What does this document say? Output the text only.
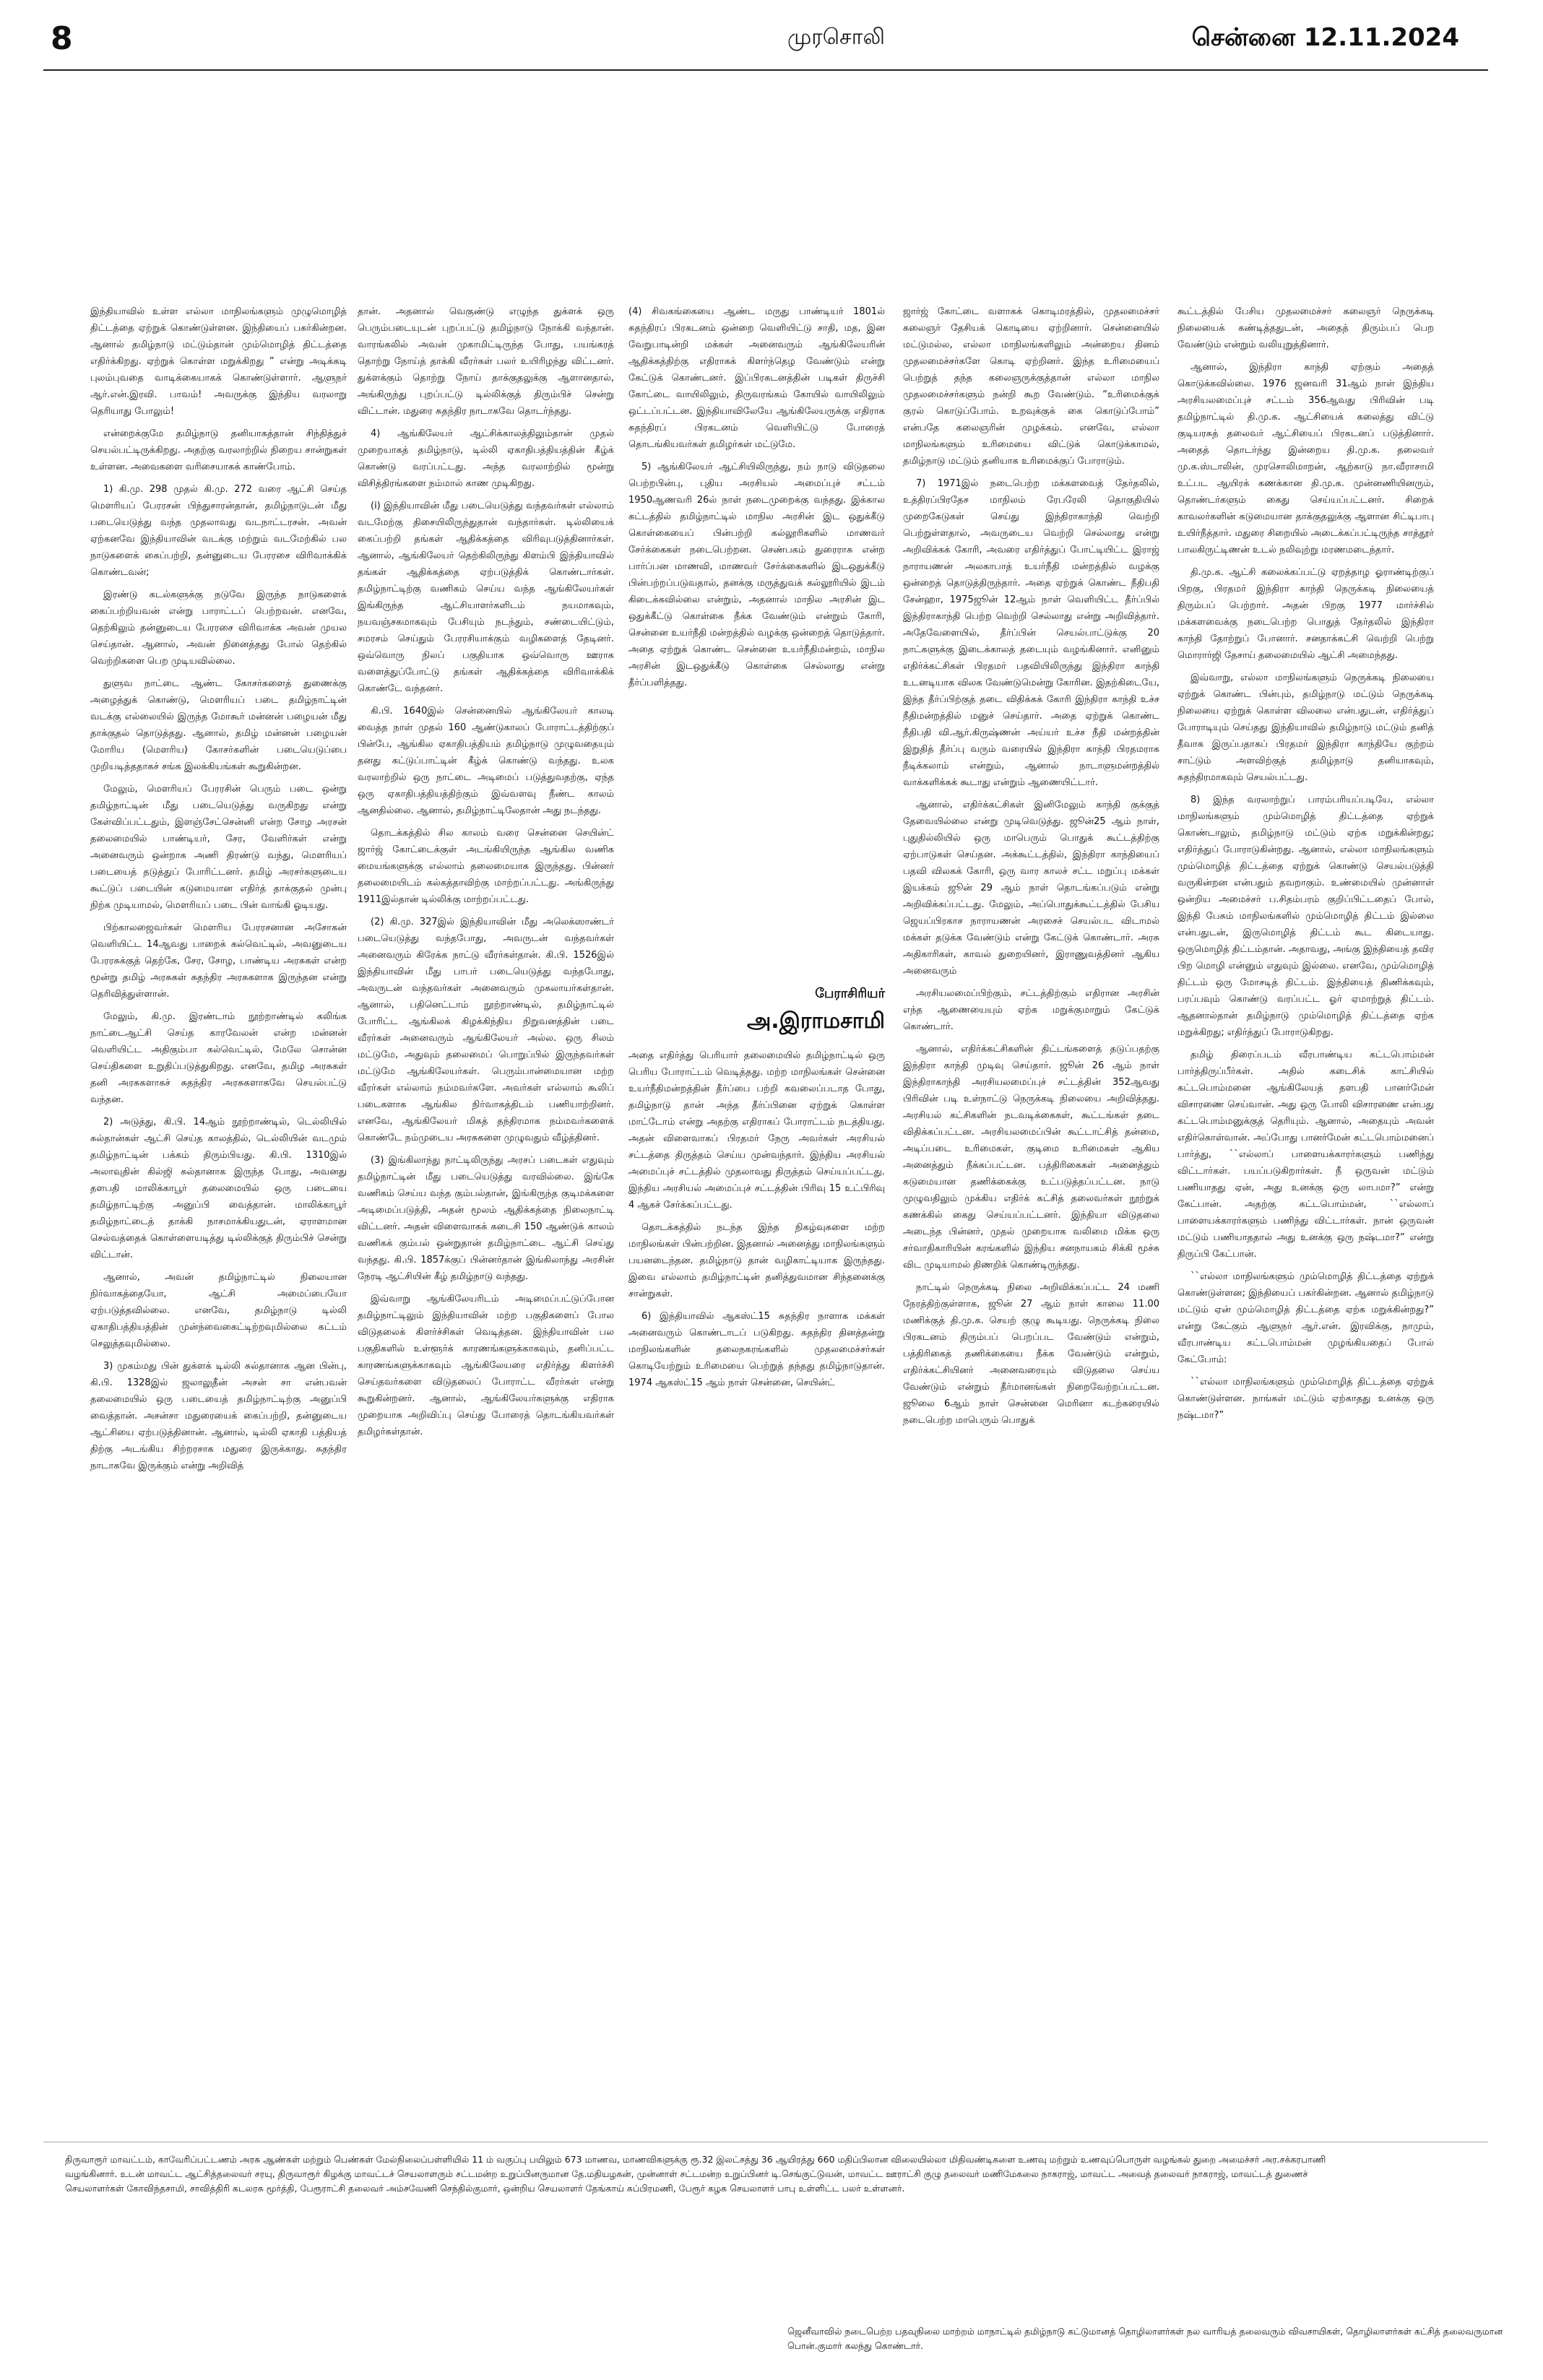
8	முரசொலி	சென்னை 12.11.2024

இந்தியாவில் உள்ள எல்லா மாநிலங்களும் முழுமொழித் திட்டத்தை ஏற்றுக் கொண்டுள்ளன. இந்தியைப் பகர்கின்றன. ஆனால் தமிழ்நாடு மட்டும்தான் மும்மொழித் திட்டத்தை எதிர்க்கிறது. ஏற்றுக் கொள்ள மறுக்கிறது ” என்று அடிக்கடி புலம்புவதை வாடிக்கையாகக் கொண்டுள்ளார். ஆளுநர் ஆர்.என்.இரவி. பாவம்! அவருக்கு இந்திய வரலாறு தெரியாது போலும்!

என்றைக்குமே தமிழ்நாடு தனியாகத்தான் சிந்தித்துச் செயல்பட்டிருக்கிறது. அதற்கு வரலாற்றில் நிறைய சான்றுகள் உள்ளன. அவைகளை வரிசையாகக் காண்போம்.

1) கி.மு. 298 முதல் கி.மு. 272 வரை ஆட்சி செய்த மௌரியப் பேரரசன் பிந்துசாரன்தான், தமிழ்நாடுடன் மீது படையெடுத்து வந்த முதலாவது வடநாட்டரசன். அவன் ஏற்கனவே இந்தியாவின் வடக்கு மற்றும் வடமேற்கில் பல நாடுகளைக் கைப்பற்றி, தன்னுடைய பேரரசை விரிவாக்கிக் கொண்டவன்;

இரண்டு கடல்களுக்கு நடுவே இருந்த நாடுகளைக் கைப்பற்றியவன் என்று பாராட்டப் பெற்றவன். எனவே, தெற்கிலும் தன்னுடைய பேரரசை விரிவாக்க அவன் முயல செய்தான். ஆனால், அவன் நினைத்தது போல் தெற்கில் வெற்றிகளை பெற முடியவில்லை.

துளுவ நாட்டை ஆண்ட கோசர்களைத் துணைக்கு அழைத்துக் கொண்டு, மௌரியப் படை தமிழ்நாட்டின் வடக்கு எல்லையில் இருந்த மோகூர் மன்னன் பழையன் மீது தாக்குதல் தொடுத்தது. ஆனால், தமிழ் மன்னன் பழையன் மோரிய (மௌரிய) கோசர்களின் படையெடுப்பை முறியடித்ததாகச் சங்க இலக்கியங்கள் கூறுகின்றன.

மேலும், மௌரியப் பேரரசின் பெரும் படை ஒன்று தமிழ்நாட்டின் மீது படையெடுத்து வருகிறது என்று கேள்விப்பட்டதும், இளஞ்சேட்சென்னி என்ற சோழ அரசன் தலைமையில் பாண்டியர், சேர, வேளிர்கள் என்று அனைவரும் ஒன்றாக அணி திரண்டு வந்து, மௌரியப் படையைத் தடுத்துப் போரிட்டனர். தமிழ் அரசர்களுடைய கூட்டுப் படையின் கடுமையான எதிர்த் தாக்குதல் முன்பு நிற்க முடியாமல், மௌரியப் படை பின் வாங்கி ஓடியது.

பிற்காலஜைவர்கள் மௌரிய பேரரசனான அசோகன் வெளியிட்ட 14ஆவது பாறைக் கல்வெட்டில், அவனுடைய பேரரசுக்குத் தெற்கே, சேர, சோழ, பாண்டிய அரசுகள் என்ற மூன்று தமிழ் அரசுகள் சுதந்திர அரசுகளாக இருந்தன என்று தெரிவித்துள்ளான்.

மேலும், கி.மு. இரண்டாம் நூற்றாண்டில் கலிங்க நாட்டைஆட்சி செய்த காரவேலன் என்ற மன்னன் வெளியிட்ட அதிகும்பா கல்வெட்டில், மேலே சொன்ன செய்திகளை உறுதிப்படுத்துகிறது. எனவே, தமிழ அரசுகள் தனி அரசுகளாகச் சுதந்திர அரசுகளாகவே செயல்பட்டு வந்தன.

2) அடுத்து, கி.பி. 14ஆம் நூற்றாண்டில், டெல்லியில் சுல்தான்கள் ஆட்சி செய்த காலத்தில், டெல்லியின் வடமும் தமிழ்நாட்டின் பக்கம் திரும்பியது. கி.பி. 1310இல் அலாவுதின் கில்ஜி சுல்தானாக இருந்த போது, அவனது தளபதி மாலிக்காபூர் தலைமையில் ஒரு படையை தமிழ்நாட்டிற்கு அனுப்பி வைத்தான். மாலிக்காபூர் தமிழ்நாட்டைத் தாக்கி நாசமாக்கியதுடன், ஏராளமான செல்வத்தைக் கொள்ளையடித்து டில்லிக்குத் திரும்பிச் சென்று விட்டான்.

ஆனால், அவன் தமிழ்நாட்டில் நிலையான நிர்வாகத்தையோ, ஆட்சி அமைப்பையோ ஏற்படுத்தவில்லை. எனவே, தமிழ்நாடு டில்லி ஏகாதிபத்தியத்தின் முன்ந்வைகைட்டிற்றவுமில்லை கட்டம் செலுத்தவுமில்லை.

3) முகம்மது பின் துக்ளக் டில்லி சுல்தானாக ஆன பின்பு, கி.பி. 1328இல் ஜலாலுதீன் அசன் சா என்பவன் தலைமையில் ஒரு படையைத் தமிழ்நாட்டிற்கு அனுப்பி வைத்தான். அசன்சா மதுரையைக் கைப்பற்றி, தன்னுடைய ஆட்சியை ஏற்படுத்தினான். ஆனால், டில்லி ஏகாதி பத்தியத் திற்கு அடங்கிய சிற்றரசாக மதுரை இருக்காது. சுதந்திர நாடாகவே இருக்கும் என்று அறிவித்

தான். அதனால் வெகுண்டு எழுந்த துக்ளக் ஒரு பெரும்படையுடன் புறப்பட்டு தமிழ்நாடு நோக்கி வந்தான். வாரங்கலில் அவன் முகாமிட்டிருந்த போது, பயங்கரத் தொற்று நோய்த் தாக்கி வீரர்கள் பலர் உயிரிழந்து விட்டனர். துக்ளக்கும் தொற்று நோய் தாக்குதலுக்கு ஆளானதால், அங்கிருந்து புறப்பட்டு டில்லிக்குத் திரும்பிச் சென்று விட்டான். மதுரை சுதந்திர நாடாகவே தொடர்ந்தது.

4) ஆங்கிலேயர் ஆட்சிக்காலத்திலும்தான் முதல் முறையாகத் தமிழ்நாடு, டில்லி ஏகாதிபத்தியத்தின் கீழ்க் கொண்டு வரப்பட்டது. அந்த வரலாற்றில் மூன்று விசித்திரங்களை நம்மால் காண முடிகிறது.

(i) இந்தியாவின் மீது படையெடுத்து வந்தவர்கள் எல்லாம் வடமேற்கு திசையிலிருந்துதான் வந்தார்கள். டில்லியைக் கைப்பற்றி தங்கள் ஆதிக்கத்தை விரிவுபடுத்தினார்கள். ஆனால், ஆங்கிலேயர் தெற்கிலிருந்து கிளம்பி இந்தியாவில் தங்கள் ஆதிக்கத்தை ஏற்படுத்திக் கொண்டார்கள். தமிழ்நாட்டிற்கு வணிகம் செய்ய வந்த ஆங்கிலேயர்கள் இங்கிருந்த ஆட்சியாளர்களிடம் நயமாகவும், நயவஞ்சகமாகவும் பேசியும் நடந்தும், சண்டையிட்டும், சமரசம் செய்தும் பேரரசியாக்கும் வழிகளைத் தேடினர். ஒவ்வொரு நிலப் பகுதியாக ஒவ்வொரு ஊராக வளைத்துப்போட்டு தங்கள் ஆதிக்கத்தை விரிவாக்கிக் கொண்டே வந்தனர்.

கி.பி. 1640இல் சென்னையில் ஆங்கிலேயர் காலடி வைத்த நாள் முதல் 160 ஆண்டுகாலப் போராட்டத்திற்குப் பின்பே, ஆங்கில ஏகாதிபத்தியம் தமிழ்நாடு முழுவதையும் தனது கட்டுப்பாட்டின் கீழ்க் கொண்டு வந்தது. உலக வரலாற்றில் ஒரு நாட்டை அடிமைப் படுத்துவதற்கு, ஏந்த ஒரு ஏகாதிபத்தியத்திற்கும் இவ்வளவு நீண்ட காலம் ஆனதில்லை. ஆனால், தமிழ்நாட்டிலேதான் அது நடந்தது.

தொடக்கத்தில் சில காலம் வரை சென்னை செயின்ட் ஜார்ஜ் கோட்டைக்குள் அடங்கியிருந்த ஆங்கில வணிக மையங்களுக்கு எல்லாம் தலைமையாக இருந்தது. பின்னர் தலைமையிடம் கல்கத்தாவிற்கு மாற்றப்பட்டது. அங்கிருந்து 1911இல்தான் டில்லிக்கு மாற்றப்பட்டது.

(2) கி.மு. 327இல் இந்தியாவின் மீது அலெக்ஸாண்டர் படையெடுத்து வந்தபோது, அவருடன் வந்தவர்கள் அனைவரும் கிரேக்க நாட்டு வீரர்கள்தான். கி.பி. 1526இல் இந்தியாவின் மீது பாபர் படையெடுத்து வந்தபோது, அவருடன் வந்தவர்கள் அனைவரும் முகலாயர்கள்தான். ஆனால், பதினெட்டாம் நூற்றாண்டில், தமிழ்நாட்டில் போரிட்ட ஆங்கிலக் கிழக்கிந்திய நிறுவனத்தின் படை வீரர்கள் அனைவரும் ஆங்கிலேயர் அல்ல. ஒரு சிலம் மட்டுமே, அதுவும் தலைமைப் பொறுப்பில் இருந்தவர்கள் மட்டுமே ஆங்கிலேயர்கள். பெரும்பான்மையான மற்ற வீரர்கள் எல்லாம் நம்மவர்களே. அவர்கள் எல்லாம் கூலிப் படைகளாக ஆங்கில நிர்வாகத்திடம் பணியாற்றினர். எனவே, ஆங்கிலேயர் மிகத் தந்திரமாக நம்மவர்களைக் கொண்டே நம்முடைய அரசுகளை முழுவதும் வீழ்த்தினர்.

(3) இங்கிலாந்து நாட்டிலிருந்து அரசப் படைகள் எதுவும் தமிழ்நாட்டின் மீது படையெடுத்து வரவில்லை. இங்கே வணிகம் செய்ய வந்த கும்பல்தான், இங்கிருந்த குடிமக்களை அடிமைப்படுத்தி, அதன் மூலம் ஆதிக்கத்தை நிலைநாட்டி விட்டனர். அதன் விளைவாகக் கடைசி 150 ஆண்டுக் காலம் வணிகக் கும்பல் ஒன்றுதான் தமிழ்நாட்டை ஆட்சி செய்து வந்தது. கி.பி. 1857க்குப் பின்னர்தான் இங்கிலாந்து அரசின் நேரடி ஆட்சியின் கீழ் தமிழ்நாடு வந்தது.

இவ்வாறு ஆங்கிலேயரிடம் அடிமைப்பட்டுப்போன தமிழ்நாட்டிலும் இந்தியாவின் மற்ற பகுதிகளைப் போல விடுதலைக் கிளர்ச்சிகள் வெடித்தன. இந்தியாவின் பல பகுதிகளில் உள்ளூர்க் காரணங்களுக்காகவும், தனிப்பட்ட காரணங்களுக்காகவும் ஆங்கிலேயரை எதிர்த்து கிளர்ச்சி செய்தவர்களை விடுதலைப் போராட்ட வீரர்கள் என்று கூறுகின்றனர். ஆனால், ஆங்கிலேயர்களுக்கு எதிராக முறையாக அறிவிப்பு செய்து போரைத் தொடங்கியவர்கள் தமிழர்கள்தான்.

(4) சிவகங்கையை ஆண்ட மருது பாண்டியர் 1801ல் சுதந்திரப் பிரகடனம் ஒன்றை வெளியிட்டு சாதி, மத, இன வேறுபாடின்றி மக்கள் அனைவரும் ஆங்கிலேயரின் ஆதிக்கத்திற்கு எதிராகக் கிளர்ந்தெழ வேண்டும் என்று கேட்டுக் கொண்டனர். இப்பிரகடனத்தின் படிகள் திருச்சி கோட்டை வாயிலிலும், திருவரங்கம் கோயில் வாயிலிலும் ஒட்டப்பட்டன. இந்தியாவிலேயே ஆங்கிலேயருக்கு எதிராக சுதந்திரப் பிரகடனம் வெளியிட்டு போரைத் தொடங்கியவர்கள் தமிழர்கள் மட்டுமே.

5) ஆங்கிலேயர் ஆட்சியிலிருந்து, நம் நாடு விடுதலை பெற்றபின்பு, புதிய அரசியல் அமைப்புச் சட்டம் 1950ஆணவரி 26ல் நாள் நடைமுறைக்கு வந்தது. இக்கால கட்டத்தில் தமிழ்நாட்டில் மாநில அரசின் இட ஒதுக்கீடு கொள்கையைப் பின்பற்றி கல்லூரிகளில் மாணவர் சேர்க்கைகள் நடைபெற்றன. செண்பகம் துரைராசு என்ற பார்ப்பன மாணவி, மாணவர் சேர்க்கைகளில் இடஒதுக்கீடு பின்பற்றப்படுவதால், தனக்கு மருத்துவக் கல்லூரியில் இடம் கிடைக்கவில்லை என்றும், அதனால் மாநில அரசின் இட ஒதுக்கீட்டு கொள்கை நீக்க வேண்டும் என்றும் கோரி, சென்னை உயர்நீதி மன்றத்தில் வழக்கு ஒன்றைத் தொடுத்தார். அதை ஏற்றுக் கொண்ட சென்னை உயர்நீதிமன்றம், மாநில அரசின் இடஒதுக்கீடு கொள்கை செல்லாது என்று தீர்ப்பளித்தது.

பேராசிரியர்
அ.இராமசாமி

அதை எதிர்த்து பெரியார் தலைமையில் தமிழ்நாட்டில் ஒரு பெரிய போராட்டம் வெடித்தது. மற்ற மாநிலங்கள் சென்னை உயர்நீதிமன்றத்தின் தீர்ப்பை பற்றி கவலைப்படாத போது, தமிழ்நாடு தான் அந்த தீர்ப்பினை ஏற்றுக் கொள்ள மாட்டோம் என்று அதற்கு எதிராகப் போராட்டம் நடத்தியது. அதன் விளைவாகப் பிரதமர் நேரு அவர்கள் அரசியல் சட்டத்தை திருத்தம் செய்ய முன்வந்தார். இந்திய அரசியல் அமைப்புச் சட்டத்தில் முதலாவது திருத்தம் செய்யப்பட்டது. இந்திய அரசியல் அமைப்புச் சட்டத்தின் பிரிவு 15 உட்பிரிவு 4 ஆகச் சேர்க்கப்பட்டது.

தொடக்கத்தில் நடந்த இந்த நிகழ்வுகளை மற்ற மாநிலங்கள் பின்பற்றின. இதனால் அனைத்து மாநிலங்களும் பயனடைந்தன. தமிழ்நாடு தான் வழிகாட்டியாக இருந்தது. இவை எல்லாம் தமிழ்நாட்டின் தனித்துவமான சிந்தனைக்கு சான்றுகள்.

6) இந்தியாவில் ஆகஸ்ட்15 சுதந்திர நாளாக மக்கள் அனைவரும் கொண்டாடப் படுகிறது. சுதந்திர தினத்தன்று மாநிலங்களின் தலைநகரங்களில் முதலமைச்சர்கள் கொடியேற்றும் உரிமையை பெற்றுத் தந்தது தமிழ்நாடுதான். 1974 ஆகஸ்ட்15 ஆம் நாள் சென்னை, செயின்ட்

ஜார்ஜ் கோட்டை வளாகக் கொடிமரத்தில், முதலமைச்சர் கலைஞர் தேசியக் கொடியை ஏற்றினார். சென்னையில் மட்டுமல்ல, எல்லா மாநிலங்களிலும் அன்றைய தினம் முதலமைச்சர்களே கொடி ஏற்றினர். இந்த உரிமையைப் பெற்றுத் தந்த கலைஞருக்குத்தான் எல்லா மாநில முதலமைச்சர்களும் நன்றி கூற வேண்டும். “உரிமைக்குக் குரல் கொடுப்போம். உறவுக்குக் கை கொடுப்போம்” என்பதே கலைஞரின் முழக்கம். எனவே, எல்லா மாநிலங்களும் உரிமையை விட்டுக் கொடுக்காமல், தமிழ்நாடு மட்டும் தனியாக உரிமைக்குப் போராடும்.

7) 1971இல் நடைபெற்ற மக்களவைத் தேர்தலில், உத்திரப்பிரதேச மாநிலம் ரேபரேலி தொகுதியில் முறைகேடுகள் செய்து இந்திராகாந்தி வெற்றி பெற்றுள்ளதால், அவருடைய வெற்றி செல்லாது என்று அறிவிக்கக் கோரி, அவரை எதிர்த்துப் போட்டியிட்ட இராஜ் நாராயணன் அலகாபாத் உயர்நீதி மன்றத்தில் வழக்கு ஒன்றைத் தொடுத்திருந்தார். அதை ஏற்றுக் கொண்ட நீதிபதி சேன்ஹா, 1975ஜூன் 12ஆம் நாள் வெளியிட்ட தீர்ப்பில் இந்திராகாந்தி பெற்ற வெற்றி செல்லாது என்று அறிவித்தார். அதேவேளையில், தீர்ப்பின் செயல்பாட்டுக்கு 20 நாட்களுக்கு இடைக்காலத் தடையும் வழங்கினார். எனினும் எதிர்க்கட்சிகள் பிரதமர் பதவியிலிருந்து இந்திரா காந்தி உடனடியாக விலக வேண்டுமென்று கோரின. இதற்கிடையே, இந்த தீர்ப்பிற்குத் தடை விதிக்கக் கோரி இந்திரா காந்தி உச்ச நீதிமன்றத்தில் மனுச் செய்தார். அதை ஏற்றுக் கொண்ட நீதிபதி வி.ஆர்.கிருஷ்ணன் அய்யர் உச்ச நீதி மன்றத்தின் இறுதித் தீர்ப்பு வரும் வரையில் இந்திரா காந்தி பிரதமராக நீடிக்கலாம் என்றும், ஆனால் நாடாளுமன்றத்தில் வாக்களிக்கக் கூடாது என்றும் ஆணையிட்டார்.

ஆனால், எதிர்க்கட்சிகள் இனிமேலும் காந்தி குக்குத் தேவையில்லை என்று முடிவெடுத்து. ஜூன்25 ஆம் நாள், புதுதில்லியில் ஒரு மாபெரும் பொதுக் கூட்டத்திற்கு ஏற்பாடுகள் செய்தன. அக்கூட்டத்தில், இந்திரா காந்தியைப் பதவி விலகக் கோரி, ஒரு வார காலச் சட்ட மறுப்பு மக்கள் இயக்கம் ஜூன் 29 ஆம் நாள் தொடங்கப்படும் என்று அறிவிக்கப்பட்டது. மேலும், அப்பொதுக்கூட்டத்தில் பேசிய ஜெயப்பிரகாச நாராயணன் அரசைச் செயல்பட விடாமல் மக்கள் தடுக்க வேண்டும் என்று கேட்டுக் கொண்டார். அரசு அதிகாரிகள், காவல் துறையினர், இராணுவத்தினர் ஆகிய அனைவரும்

அரசியலமைப்பிற்கும், சட்டத்திற்கும் எதிரான அரசின் எந்த ஆணையையும் ஏற்க மறுக்குமாறும் கேட்டுக் கொண்டார்.

ஆனால், எதிர்க்கட்சிகளின் திட்டங்களைத் தடுப்பதற்கு இந்திரா காந்தி முடிவு செய்தார். ஜூன் 26 ஆம் நாள் இந்திராகாந்தி அரசியலமைப்புச் சட்டத்தின் 352ஆவது பிரிவின் படி உள்நாட்டு நெருக்கடி நிலையை அறிவித்தது. அரசியல் கட்சிகளின் நடவடிக்கைகள், கூட்டங்கள் தடை விதிக்கப்பட்டன. அரசியலமைப்பின் கூட்டாட்சித் தன்மை, அடிப்படை உரிமைகள், குடிமை உரிமைகள் ஆகிய அனைத்தும் நீக்கப்பட்டன. பத்திரிகைகள் அனைத்தும் கடுமையான தணிக்கைக்கு உட்படுத்தப்பட்டன. நாடு முழுவதிலும் முக்கிய எதிர்க் கட்சித் தலைவர்கள் நூற்றுக் கணக்கில் கைது செய்யப்பட்டனர். இந்தியா விடுதலை அடைந்த பின்னர், முதல் முறையாக வலிமை மிக்க ஒரு சர்வாதிகாரியின் கரங்களில் இந்திய சனநாயகம் சிக்கி மூச்சு விட முடியாமல் திணறிக் கொண்டிருந்தது.

நாட்டில் நெருக்கடி நிலை அறிவிக்கப்பட்ட 24 மணி நேரத்திற்குள்ளாக, ஜூன் 27 ஆம் நாள் காலை 11.00 மணிக்குத் தி.மு.க. செயற் குழு கூடியது. நெருக்கடி நிலை பிரகடனம் திரும்பப் பெறப்பட வேண்டும் என்றும், பத்திரிகைத் தணிக்கையை நீக்க வேண்டும் என்றும், எதிர்க்கட்சியினர் அனைவரையும் விடுதலை செய்ய வேண்டும் என்றும் தீர்மானங்கள் நிறைவேற்றப்பட்டன. ஜூலை 6ஆம் நாள் சென்னை மெரினா கடற்கரையில் நடைபெற்ற மாபெரும் பொதுக்

கூட்டத்தில் பேசிய முதலமைச்சர் கலைஞர் நெருக்கடி நிலையைக் கண்டித்ததுடன், அதைத் திரும்பப் பெற வேண்டும் என்றும் வலியுறுத்தினார்.

ஆனால், இந்திரா காந்தி ஏற்கும் அதைத் கொடுக்கவில்லை. 1976 ஜனவரி 31ஆம் நாள் இந்திய அரசியலமைப்புச் சட்டம் 356ஆவது பிரிவின் படி தமிழ்நாட்டில் தி.மு.க. ஆட்சியைக் கலைத்து விட்டு குடியரசுத் தலைவர் ஆட்சியைப் பிரகடனப் படுத்தினார். அதைத் தொடர்ந்து இன்றைய தி.மு.க. தலைவர் மு.க.ஸ்டாலின், முரசொலிமாறன், ஆற்காடு நா.வீராசாமி உட்பட ஆயிரக் கணக்கான தி.மு.க. முன்னணியினரும், தொண்டர்களும் கைது செய்யப்பட்டனர். சிறைக் காவலர்களின் கடுமையான தாக்குதலுக்கு ஆளான சிட்டிபாபு உயிர்நீத்தார். மதுரை சிறையில் அடைக்கப்பட்டிருந்த சாத்தூர் பாலகிருட்டிணன் உடல் நலிவுற்று மரணமடைந்தார்.

தி.மு.க. ஆட்சி கலைக்கப்பட்டு ஏறத்தாழ ஓராண்டிற்குப் பிறகு, பிரதமர் இந்திரா காந்தி நெருக்கடி நிலையைத் திரும்பப் பெற்றார். அதன் பிறகு 1977 மார்ச்சில் மக்களவைக்கு நடைபெற்ற பொதுத் தேர்தலில் இந்திரா காந்தி தோற்றுப் போனார். சனதாக்கட்சி வெற்றி பெற்று மொரார்ஜி தேசாய் தலைமையில் ஆட்சி அமைந்தது.

இவ்வாறு, எல்லா மாநிலங்களும் நெருக்கடி நிலையை ஏற்றுக் கொண்ட பின்பும், தமிழ்நாடு மட்டும் நெருக்கடி நிலையை ஏற்றுக் கொள்ள விலலை என்பதுடன், எதிர்த்துப் போராடியும் செய்தது இந்தியாவில் தமிழ்நாடு மட்டும் தனித் தீவாக இருப்பதாகப் பிரதமர் இந்திரா காந்தியே குற்றம் சாட்டும் அளவிற்குத் தமிழ்நாடு தனியாகவும், சுதந்திரமாகவும் செயல்பட்டது.

8) இந்த வரலாற்றுப் பாரம்பரியப்படியே, எல்லா மாநிலங்களும் மும்மொழித் திட்டத்தை ஏற்றுக் கொண்டாலும், தமிழ்நாடு மட்டும் ஏற்க மறுக்கின்றது; எதிர்த்துப் போராடுகின்றது. ஆனால், எல்லா மாநிலங்களும் மும்மொழித் திட்டத்தை ஏற்றுக் கொண்டு செயல்படுத்தி வருகின்றன என்பதும் தவறாகும். உண்மையில் முன்னாள் ஒன்றிய அமைச்சர் ப.சிதம்பரம் குறிப்பிட்டதைப் போல், இந்தி பேசும் மாநிலங்களில் மும்மொழித் திட்டம் இல்லை என்பதுடன், இருமொழித் திட்டம் கூட கிடையாது. ஒருமொழித் திட்டம்தான். அதாவது, அங்கு இந்தியைத் தவிர பிற மொழி என்னும் எதுவும் இல்லை. எனவே, மும்மொழித் திட்டம் ஒரு மோசடித் திட்டம். இந்தியைத் திணிக்கவும், பரப்பவும் கொண்டு வரப்பட்ட ஓர் ஏமாற்றுத் திட்டம். ஆதனால்தான் தமிழ்நாடு மும்மொழித் திட்டத்தை ஏற்க மறுக்கிறது; எதிர்த்துப் போராடுகிறது.

தமிழ் திரைப்படம் வீரபாண்டிய கட்டபொம்மன் பார்த்திருப்பீர்கள். அதில் கடைசிக் காட்சியில் கட்டபொம்மனை ஆங்கிலேயத் தளபதி பானர்மேன் விசாரணை செய்வான். அது ஒரு போலி விசாரணை என்பது கட்டபொம்மனுக்குத் தெரியும். ஆனால், அதையும் அவன் எதிர்கொள்வான். அப்போது பானர்மேன் கட்டபொம்மனைப் பார்த்து, ``எல்லாப் பாளையக்காரர்களும் பணிந்து விட்டார்கள். பயப்படுகிறார்கள். நீ ஒருவன் மட்டும் பணியாதது ஏன், அது உனக்கு ஒரு லாபமா?” என்று கேட்பான். அதற்கு கட்டபொம்மன், ``எல்லாப் பாளையக்காரர்களும் பணிந்து விட்டார்கள். நான் ஒருவன் மட்டும் பணியாததால் அது உனக்கு ஒரு நஷ்டமா?” என்று திருப்பி கேட்பான்.

``எல்லா மாநிலங்களும் மும்மொழித் திட்டத்தை ஏற்றுக் கொண்டுள்ளன; இந்தியைப் பகர்கின்றன. ஆனால் தமிழ்நாடு மட்டும் ஏன் மும்மொழித் திட்டத்தை ஏற்க மறுக்கின்றது?” என்று கேட்கும் ஆளுநர் ஆர்.என். இரவிக்கு, நாமும், வீரபாண்டிய கட்டபொம்மன் முழங்கியதைப் போல் கேட்போம்:

``எல்லா மாநிலங்களும் மும்மொழித் திட்டத்தை ஏற்றுக் கொண்டுள்ளன. நாங்கள் மட்டும் ஏற்காதது உனக்கு ஒரு நஷ்டமா?”

திருவாரூர் மாவட்டம், காவேரிப்பட்டணம் அரசு ஆண்கள் மற்றும் பெண்கள் மேல்நிலைப்பள்ளியில் 11 ம் வகுப்பு பயிலும் 673 மாணவ, மாணவிகளுக்கு ரூ.32 இலட்சத்து 36 ஆயிரத்து 660 மதிப்பிலான விலையில்லா மிதிவண்டிகளை உணவு மற்றும் உணவுப்பொருள் வழங்கல் துறை அமைச்சர் அர.சக்கரபாணி வழங்கினார். உடன் மாவட்ட ஆட்சித்தலைவர் சரயு, திருவாரூர் கிழக்கு மாவட்டச் செயலாளரும் சட்டமன்ற உறுப்பினருமான தே.மதியழகன், முன்னாள் சட்டமன்ற உறுப்பினர் டி.செங்குட்டுவன், மாவட்ட ஊராட்சி குழு தலைவர் மணிமேகலை நாகராஜ், மாவட்ட அவைத் தலைவர் நாகராஜ், மாவட்டத் துணைச் செயலாளர்கள் கோவிந்தசாமி, சாவித்திரி கடலரசு மூர்த்தி, பேரூராட்சி தலைவர் அம்சவேணி செந்தில்குமார், ஒன்றிய செயலாளர் தேங்காய் சுப்பிரமணி, பேரூர் கழக செயலாளர் பாபு உள்ளிட்ட பலர் உள்ளனர்.

ஜெனீவாவில் நடைபெற்ற பதவுநிலை மாற்றம் மாநாட்டில் தமிழ்நாடு கட்டுமானத் தொழிலாளர்கள் நல வாரியத் தலைவரும் விவசாயிகள், தொழிலாளர்கள் கட்சித் தலைவருமான பொன்.குமார் கலந்து கொண்டார்.
